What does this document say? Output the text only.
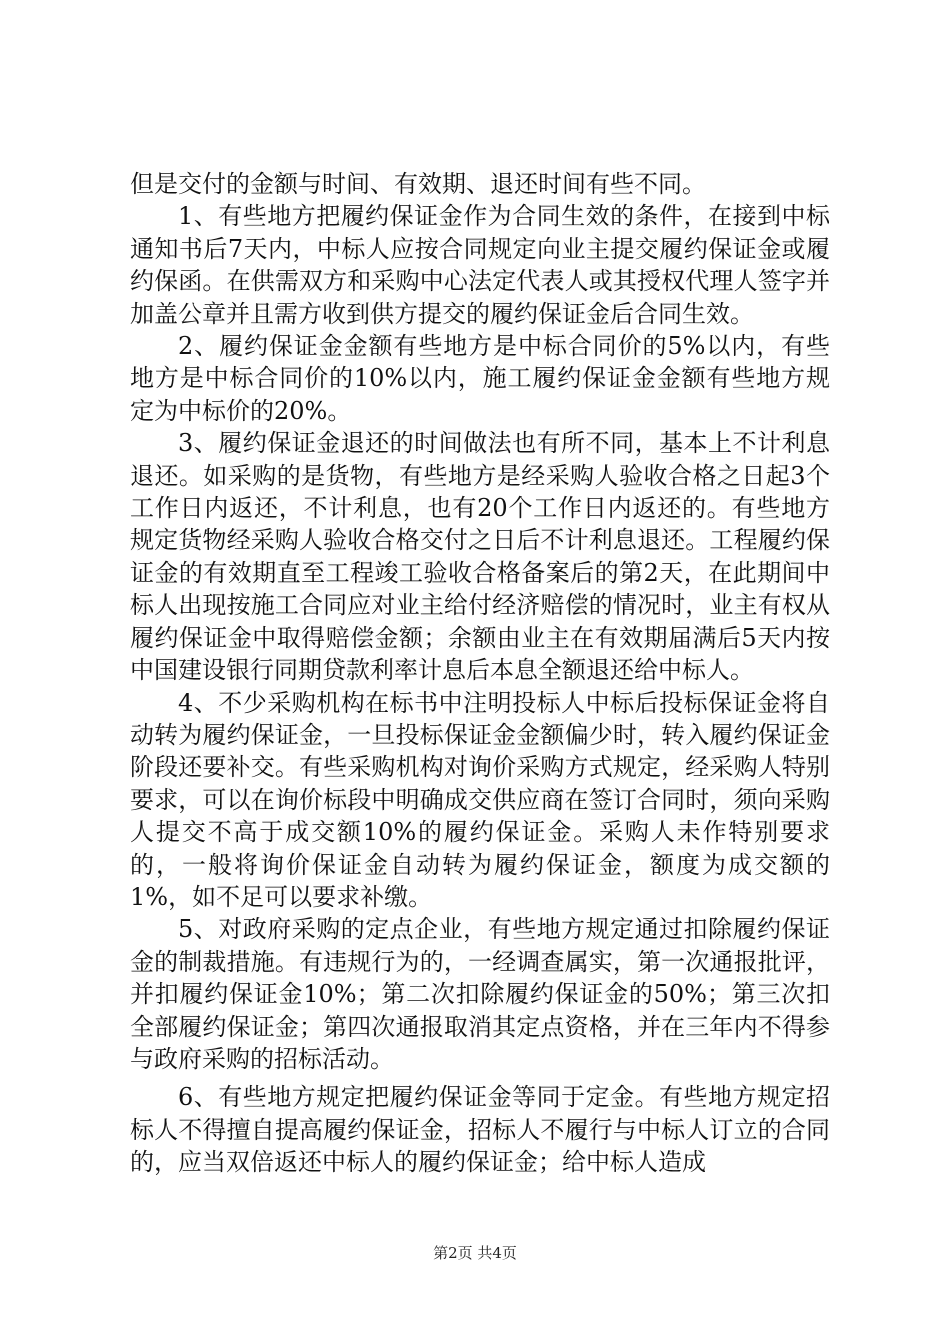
但是交付的金额与时间、有效期、退还时间有些不同。

1、有些地方把履约保证金作为合同生效的条件，在接到中标通知书后7天内，中标人应按合同规定向业主提交履约保证金或履约保函。在供需双方和采购中心法定代表人或其授权代理人签字并加盖公章并且需方收到供方提交的履约保证金后合同生效。

2、履约保证金金额有些地方是中标合同价的5%以内，有些地方是中标合同价的10%以内，施工履约保证金金额有些地方规定为中标价的20%。

3、履约保证金退还的时间做法也有所不同，基本上不计利息退还。如采购的是货物，有些地方是经采购人验收合格之日起3个工作日内返还，不计利息，也有20个工作日内返还的。有些地方规定货物经采购人验收合格交付之日后不计利息退还。工程履约保证金的有效期直至工程竣工验收合格备案后的第2天，在此期间中标人出现按施工合同应对业主给付经济赔偿的情况时，业主有权从履约保证金中取得赔偿金额；余额由业主在有效期届满后5天内按中国建设银行同期贷款利率计息后本息全额退还给中标人。

4、不少采购机构在标书中注明投标人中标后投标保证金将自动转为履约保证金，一旦投标保证金金额偏少时，转入履约保证金阶段还要补交。有些采购机构对询价采购方式规定，经采购人特别要求，可以在询价标段中明确成交供应商在签订合同时，须向采购人提交不高于成交额10%的履约保证金。采购人未作特别要求的，一般将询价保证金自动转为履约保证金，额度为成交额的1%，如不足可以要求补缴。

5、对政府采购的定点企业，有些地方规定通过扣除履约保证金的制裁措施。有违规行为的，一经调查属实，第一次通报批评，并扣履约保证金10%；第二次扣除履约保证金的50%；第三次扣全部履约保证金；第四次通报取消其定点资格，并在三年内不得参与政府采购的招标活动。

6、有些地方规定把履约保证金等同于定金。有些地方规定招标人不得擅自提高履约保证金，招标人不履行与中标人订立的合同的，应当双倍返还中标人的履约保证金；给中标人造成

第2页 共4页
